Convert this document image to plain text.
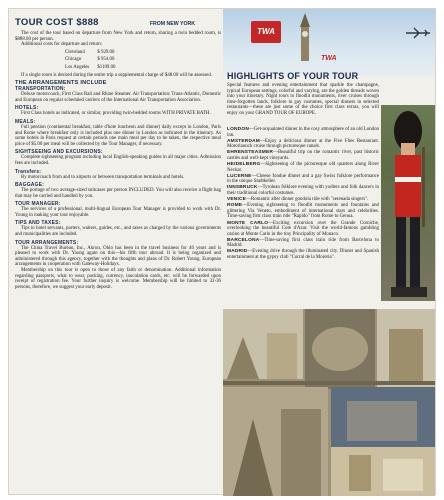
TOUR COST $888	FROM NEW YORK

The cost of the tour based on departure from New York and return, sharing a twin bedded room, is $888.00 per person.

Additional costs for departure and return:

Cleveland	$ 929.00
Chicago	$ 954.00
Los Angeles	$1109.00

If a single room is desired during the entire trip a supplemental charge of $48.00 will be assessed.

THE ARRANGEMENTS INCLUDE
TRANSPORTATION:

Deluxe motorcoach, First Class Rail and Rhine Steamer. Air Transportation: Trans-Atlantic, Domestic and European on regular scheduled carriers of the International Air Transportation Association.

HOTELS:

First Class hotels as indicated, or similar, providing twin-bedded rooms WITH PRIVATE BATH.

MEALS:

Full pension (continental breakfast, table d'hote luncheon and dinner) daily except in London, Paris and Rome where breakfast only is included plus one dinner in London as indicated in the itinerary. As some hotels in Paris request at certain periods one main meal per day to be taken, the respective meal price of $5.00 per meal will be collected by the Tour Manager, if necessary.

SIGHTSEEING AND EXCURSIONS:

Complete sightseeing program including local English-speaking guides in all major cities. Admission fees are included.

Transfers:

By motorcoach from and to airports or between transportation terminals and hotels.

BAGGAGE:

The portage of two average-sized suitcases per person INCLUDED. You will also receive a flight bag that may be carried and handled by you.

TOUR MANAGER:

The services of a professional, multi-lingual European Tour Manager is provided to work with Dr. Young in making your tour enjoyable.

TIPS AND TAXES:

Tips to hotel servants, porters, waiters, guides, etc., and taxes as charged by the various governments and municipalities are included.

TOUR ARRANGEMENTS:

The China Travel Bureau, Inc., Akron, Ohio has been in the travel business for 46 years and is pleased to work with Dr. Young again on this—his fifth tour abroad. It is being organized and administered through this agency, together with the thoughts and plans of Dr. Robert Young. European arrangements in cooperation with Gateway-Holidays.

Membership on this tour is open to those of any faith or denomination. Additional information regarding passports, what to wear, packing, currency, inoculation cards, etc. will be forwarded upon receipt of registration fee. Your further inquiry is welcome. Membership will be limited to 32-36 persons, therefore, we suggest your early deposit.

TWA
TWA
HIGHLIGHTS OF YOUR TOUR

Special features and evening entertainment that sparkle the champagne, typical European settings, colorful and varying, are the golden threads woven into your itinerary. Night tours to floodlit monuments, river cruises through time-forgotten lands, folklore in gay costumes, special dinners in selected restaurants—these are just some of the choice first class extras, you will enjoy on your GRAND TOUR OF EUROPE.

LONDON—Get-acquainted dinner in the cosy atmosphere of an old London inn.
AMSTERDAM—Enjoy a delicious dinner at the Five Flies Restaurant. Motorlaunch cruise through picturesque canals.
EHRENSTEASMER—Beautiful trip on the romantic river, past historic castles and well-kept vineyards.
HEIDELBERG—Sightseeing of the picturesque old quarters along River Neckar.
LUCERNE—Cheese fondue dinner and a gay Swiss folklore performance in the unique Stadtkeller.
INNSBRUCK—Tyrolean folklore evening with yodlers and folk dancers in their traditional colorful costumes.
VENICE—Romantic after dinner gondola ride with "serenada singers".
ROME—Evening sightseeing to floodlit monuments and fountains and glittering Via Veneto, embodiment of international stars and celebrities. Time-saving first class train ride "Rapido" from Rome to Genoa.
MONTE CARLO—Exciting excursion over the Grande Corniche, overlooking the beautiful Cote d'Azur. Visit the world-famous gambling casino at Monte Carlo in the tiny Principality of Monaco.
BARCELONA—Time-saving first class train ride from Barcelona to Madrid.
MADRID—Evening drive through the illuminated city. Dinner and Spanish entertainment at the gypsy club "Corral de la Moreria".
